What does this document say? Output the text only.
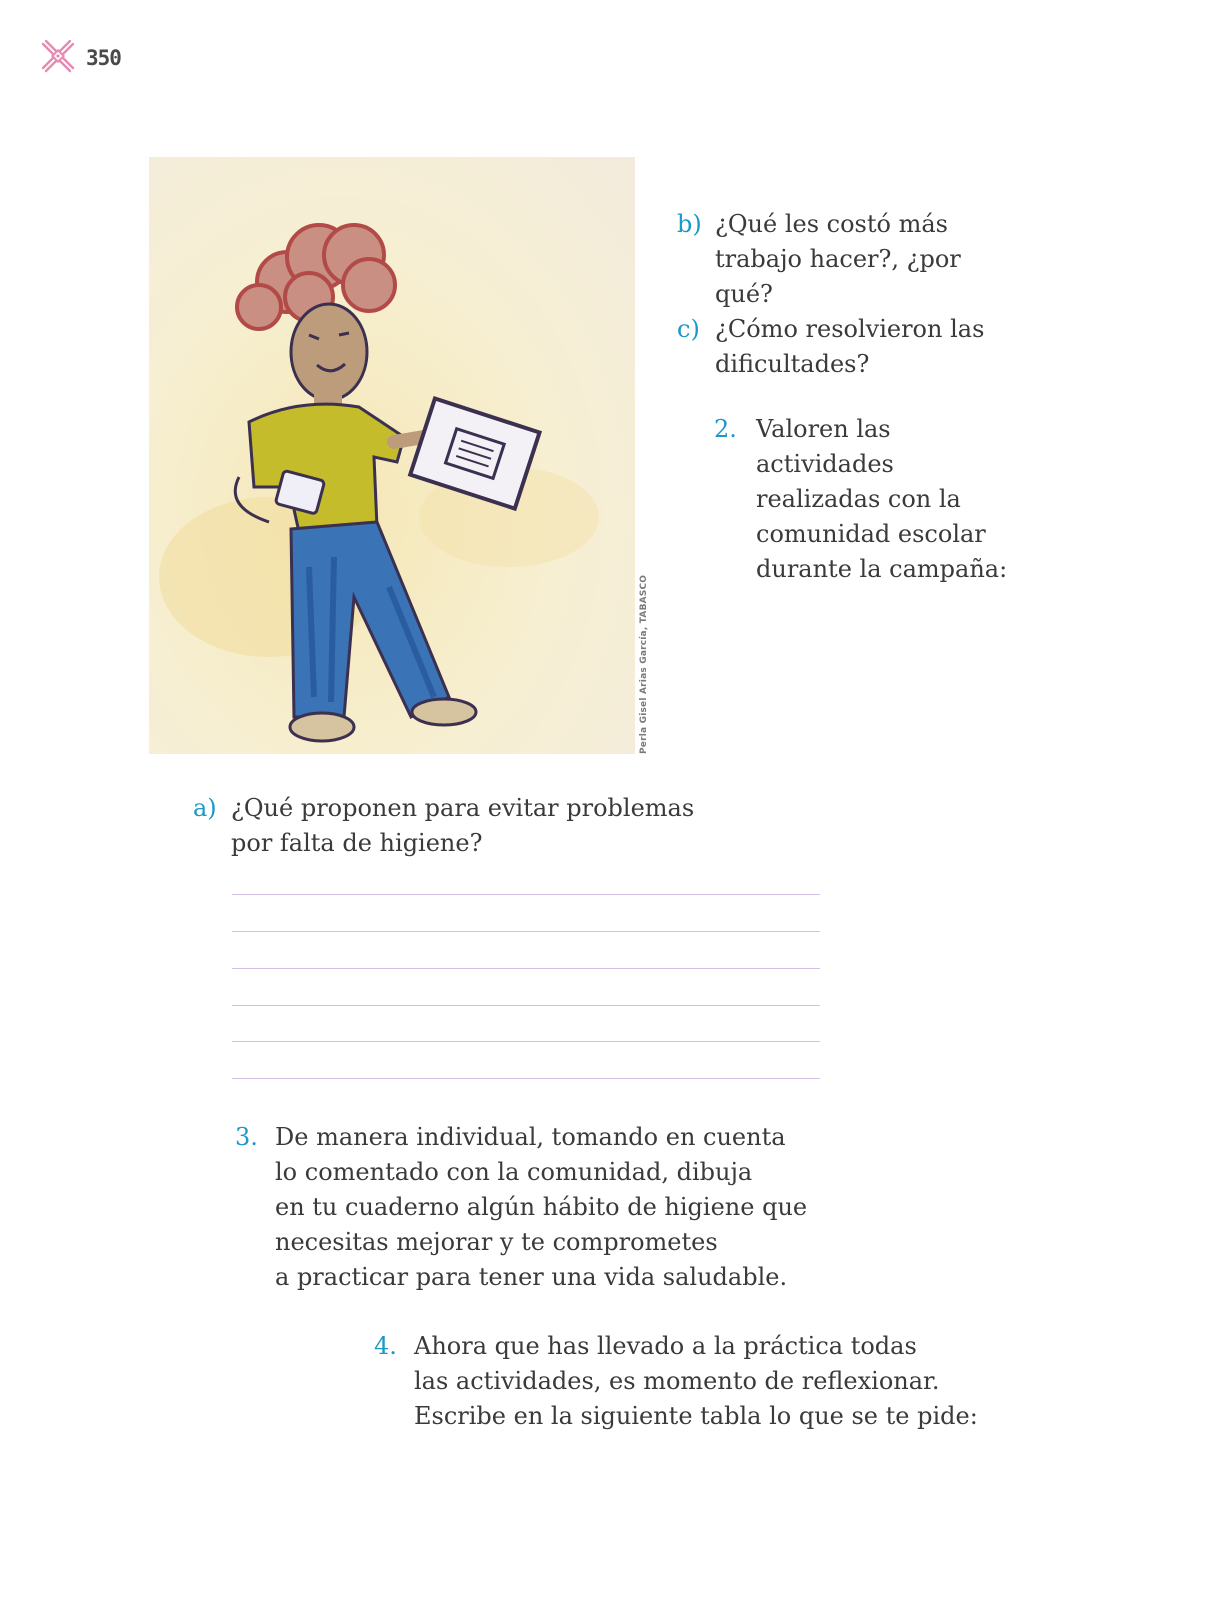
350
Perla Gisel Arias García, TABASCO
b) ¿Qué les costó más
trabajo hacer?, ¿por
qué?
c) ¿Cómo resolvieron las
dificultades?
2. Valoren las
actividades
realizadas con la
comunidad escolar
durante la campaña:
a) ¿Qué proponen para evitar problemas
por falta de higiene?
3. De manera individual, tomando en cuenta
lo comentado con la comunidad, dibuja
en tu cuaderno algún hábito de higiene que
necesitas mejorar y te comprometes
a practicar para tener una vida saludable.
4. Ahora que has llevado a la práctica todas
las actividades, es momento de reflexionar.
Escribe en la siguiente tabla lo que se te pide:
